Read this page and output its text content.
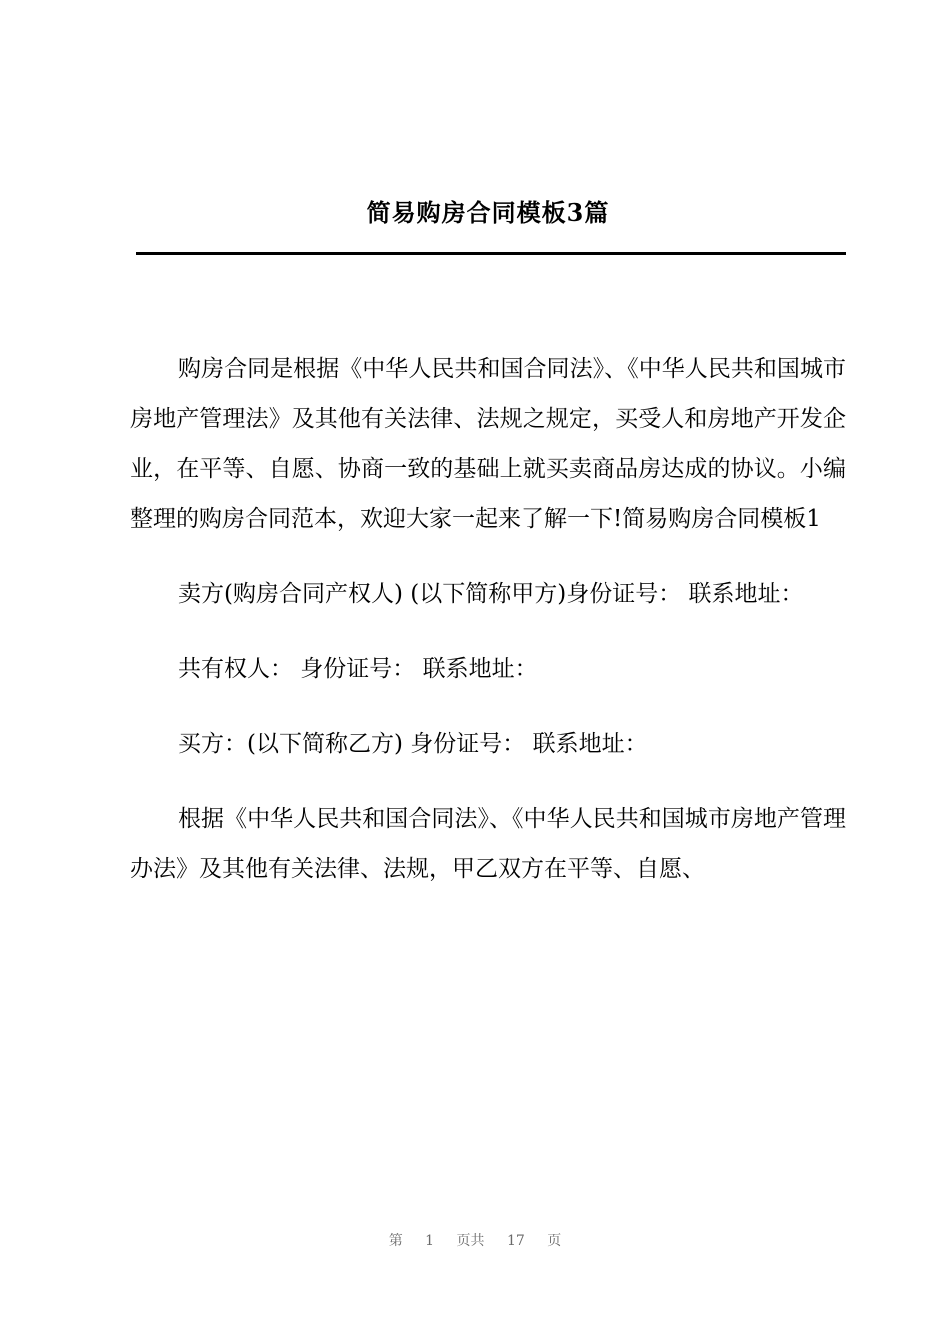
简易购房合同模板3篇

购房合同是根据《中华人民共和国合同法》、《中华人民共和国城市房地产管理法》及其他有关法律、法规之规定，买受人和房地产开发企业，在平等、自愿、协商一致的基础上就买卖商品房达成的协议。小编整理的购房合同范本，欢迎大家一起来了解一下!简易购房合同模板1

卖方(购房合同产权人) (以下简称甲方)身份证号： 联系地址：

共有权人： 身份证号： 联系地址：

买方：(以下简称乙方) 身份证号： 联系地址：

根据《中华人民共和国合同法》、《中华人民共和国城市房地产管理办法》及其他有关法律、法规，甲乙双方在平等、自愿、

第 1 页共 17 页
